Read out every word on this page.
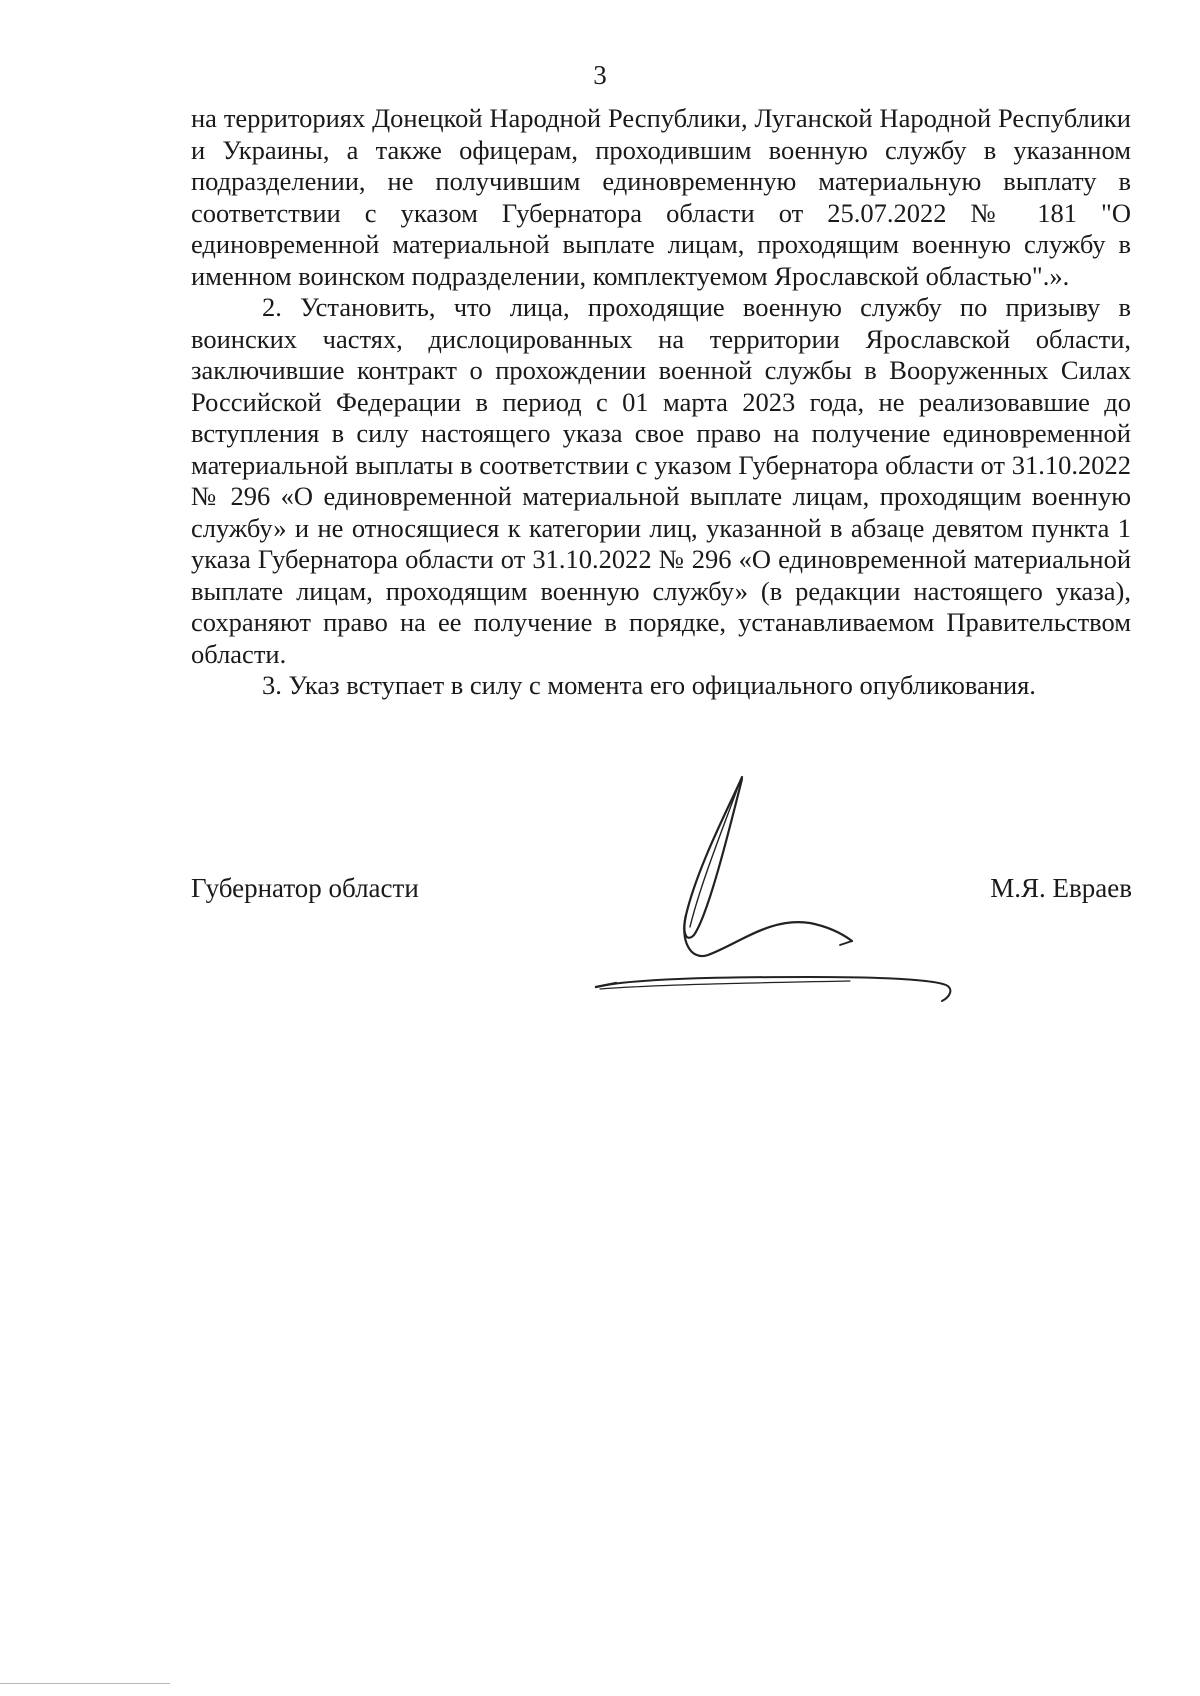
3

на территориях Донецкой Народной Республики, Луганской Народной Республики и Украины, а также офицерам, проходившим военную службу в указанном подразделении, не получившим единовременную материальную выплату в соответствии с указом Губернатора области от 25.07.2022 № 181 "О единовременной материальной выплате лицам, проходящим военную службу в именном воинском подразделении, комплектуемом Ярославской областью".».

2. Установить, что лица, проходящие военную службу по призыву в воинских частях, дислоцированных на территории Ярославской области, заключившие контракт о прохождении военной службы в Вооруженных Силах Российской Федерации в период с 01 марта 2023 года, не реализовавшие до вступления в силу настоящего указа свое право на получение единовременной материальной выплаты в соответствии с указом Губернатора области от 31.10.2022 № 296 «О единовременной материальной выплате лицам, проходящим военную службу» и не относящиеся к категории лиц, указанной в абзаце девятом пункта 1 указа Губернатора области от 31.10.2022 № 296 «О единовременной материальной выплате лицам, проходящим военную службу» (в редакции настоящего указа), сохраняют право на ее получение в порядке, устанавливаемом Правительством области.

3. Указ вступает в силу с момента его официального опубликования.

Губернатор области	М.Я. Евраев
